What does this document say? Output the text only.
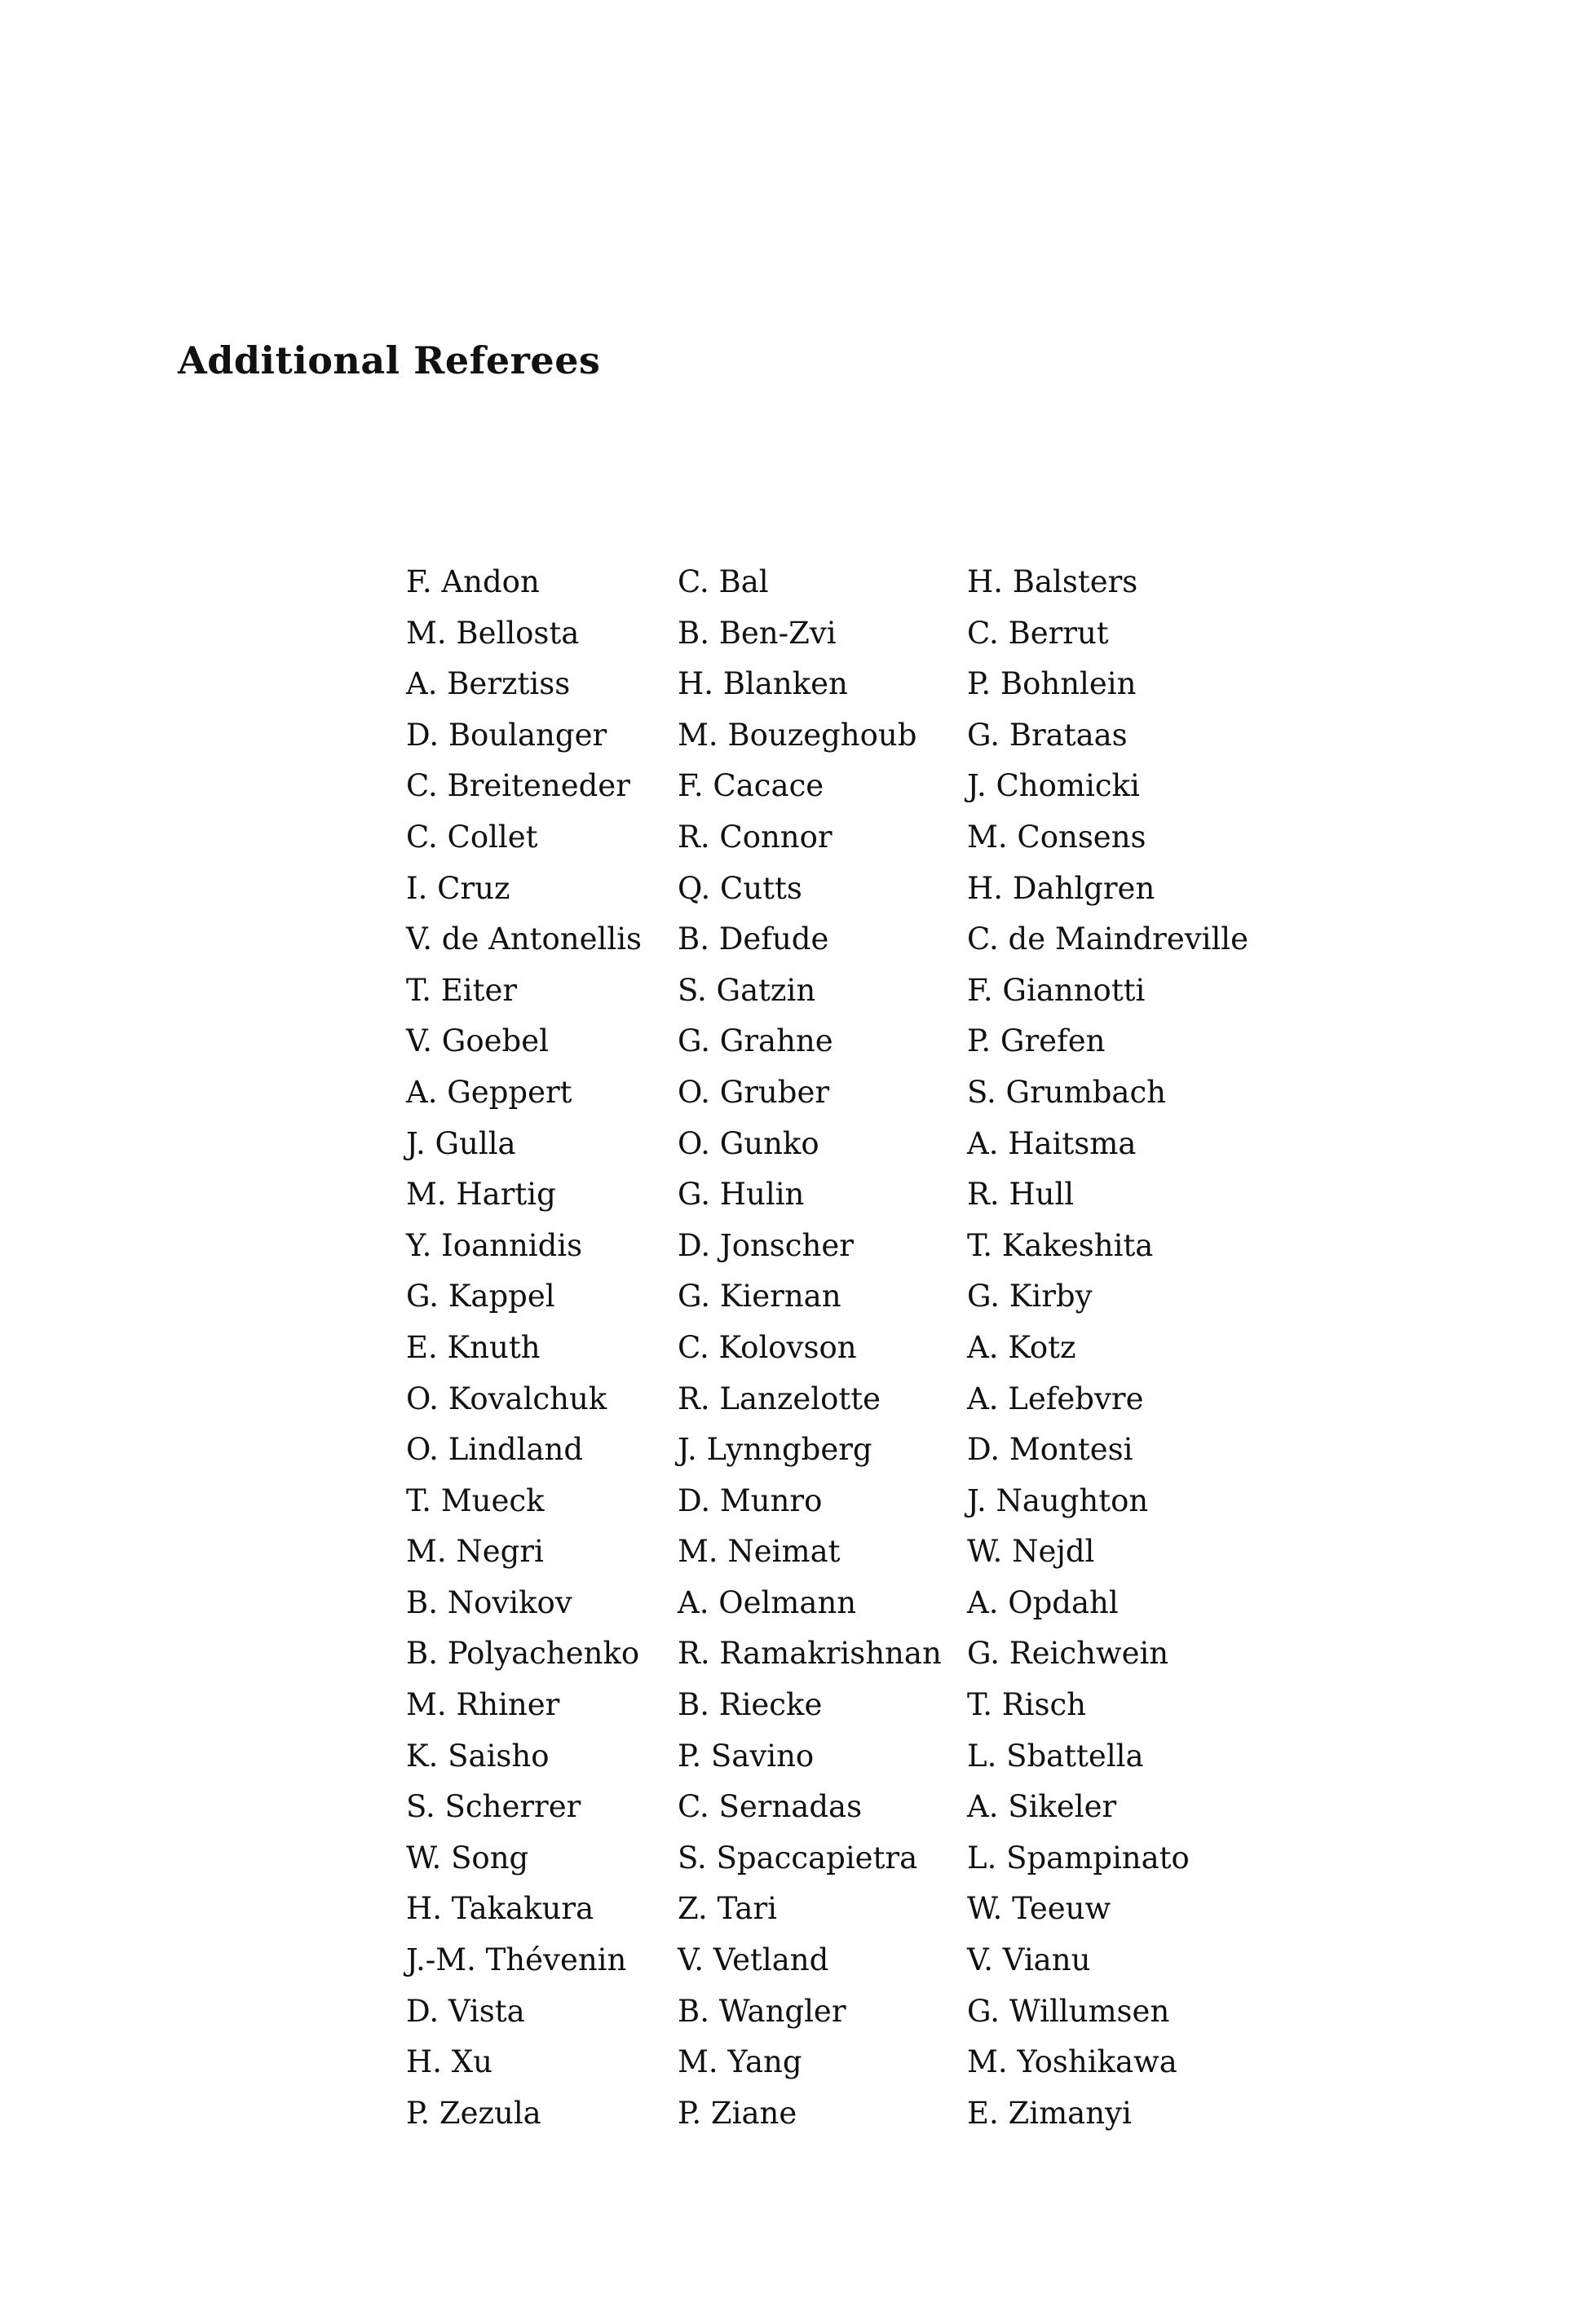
Additional Referees
F. Andon	C. Bal	H. Balsters
M. Bellosta	B. Ben-Zvi	C. Berrut
A. Berztiss	H. Blanken	P. Bohnlein
D. Boulanger	M. Bouzeghoub	G. Brataas
C. Breiteneder	F. Cacace	J. Chomicki
C. Collet	R. Connor	M. Consens
I. Cruz	Q. Cutts	H. Dahlgren
V. de Antonellis	B. Defude	C. de Maindreville
T. Eiter	S. Gatzin	F. Giannotti
V. Goebel	G. Grahne	P. Grefen
A. Geppert	O. Gruber	S. Grumbach
J. Gulla	O. Gunko	A. Haitsma
M. Hartig	G. Hulin	R. Hull
Y. Ioannidis	D. Jonscher	T. Kakeshita
G. Kappel	G. Kiernan	G. Kirby
E. Knuth	C. Kolovson	A. Kotz
O. Kovalchuk	R. Lanzelotte	A. Lefebvre
O. Lindland	J. Lynngberg	D. Montesi
T. Mueck	D. Munro	J. Naughton
M. Negri	M. Neimat	W. Nejdl
B. Novikov	A. Oelmann	A. Opdahl
B. Polyachenko	R. Ramakrishnan	G. Reichwein
M. Rhiner	B. Riecke	T. Risch
K. Saisho	P. Savino	L. Sbattella
S. Scherrer	C. Sernadas	A. Sikeler
W. Song	S. Spaccapietra	L. Spampinato
H. Takakura	Z. Tari	W. Teeuw
J.-M. Thévenin	V. Vetland	V. Vianu
D. Vista	B. Wangler	G. Willumsen
H. Xu	M. Yang	M. Yoshikawa
P. Zezula	P. Ziane	E. Zimanyi
